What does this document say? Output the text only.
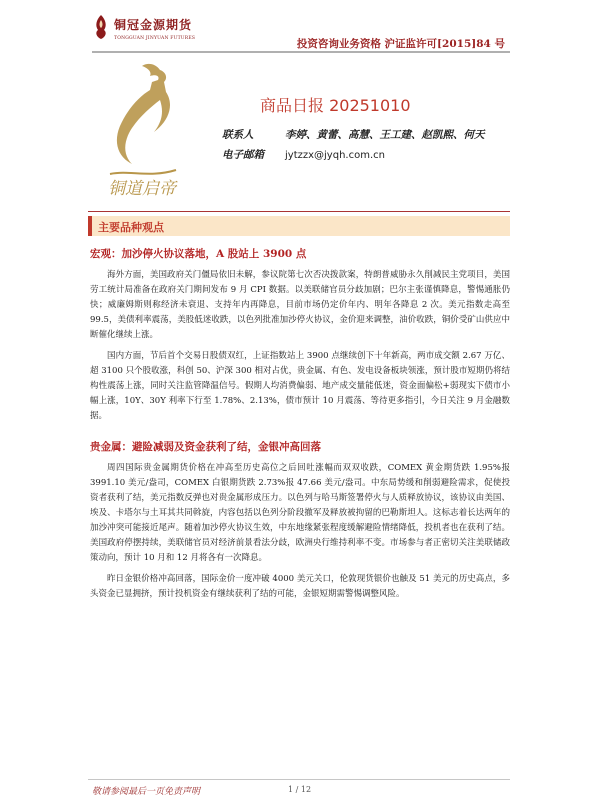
铜冠金源期货
TONGGUAN JINYUAN FUTURES	投资咨询业务资格 沪证监许可[2015]84 号
铜道启帝
商品日报 20251010
联系人	李婷、黄蕾、高慧、王工建、赵凯熙、何天
电子邮箱	jytzzx@jyqh.com.cn
主要品种观点
宏观：加沙停火协议落地，A 股站上 3900 点

海外方面，美国政府关门僵局依旧未解，参议院第七次否决拨款案，特朗普威胁永久削减民主党项目，美国劳工统计局准备在政府关门期间发布 9 月 CPI 数据。以美联储官员分歧加剧；巴尔主张谨慎降息，警惕通胀仍快；威廉姆斯则称经济未衰退、支持年内再降息，目前市场仍定价年内、明年各降息 2 次。美元指数走高至 99.5，美债利率震荡，美股低迷收跌，以色列批准加沙停火协议，金价迎来调整，油价收跌，铜价受矿山供应中断催化继续上涨。

国内方面，节后首个交易日股债双红，上证指数站上 3900 点继续创下十年新高，两市成交额 2.67 万亿、超 3100 只个股收涨，科创 50、沪深 300 相对占优，贵金属、有色、发电设备板块领涨，预计股市短期仍将结构性震荡上涨，同时关注监管降温信号。假期人均消费偏弱、地产成交量能低迷，资金面偏松+弱现实下债市小幅上涨，10Y、30Y 利率下行至 1.78%、2.13%，债市预计 10 月震荡、等待更多指引，今日关注 9 月金融数据。

贵金属：避险减弱及资金获利了结，金银冲高回落

周四国际贵金属期货价格在冲高至历史高位之后回吐涨幅而双双收跌，COMEX 黄金期货跌 1.95%报 3991.10 美元/盎司，COMEX 白银期货跌 2.73%报 47.66 美元/盎司。中东局势缓和削弱避险需求，促使投资者获利了结，美元指数反弹也对贵金属形成压力。以色列与哈马斯签署停火与人质释放协议，该协议由美国、埃及、卡塔尔与土耳其共同斡旋，内容包括以色列分阶段撤军及释放被拘留的巴勒斯坦人。这标志着长达两年的加沙冲突可能接近尾声。随着加沙停火协议生效，中东地缘紧张程度缓解避险情绪降低，投机者也在获利了结。美国政府停摆持续，美联储官员对经济前景看法分歧，欧洲央行维持利率不变。市场参与者正密切关注美联储政策动向，预计 10 月和 12 月将各有一次降息。

昨日金银价格冲高回落，国际金价一度冲破 4000 美元关口，伦敦现货银价也触及 51 美元的历史高点，多头资金已显拥挤，预计投机资金有继续获利了结的可能，金银短期需警惕调整风险。

敬请参阅最后一页免责声明	1 / 12
